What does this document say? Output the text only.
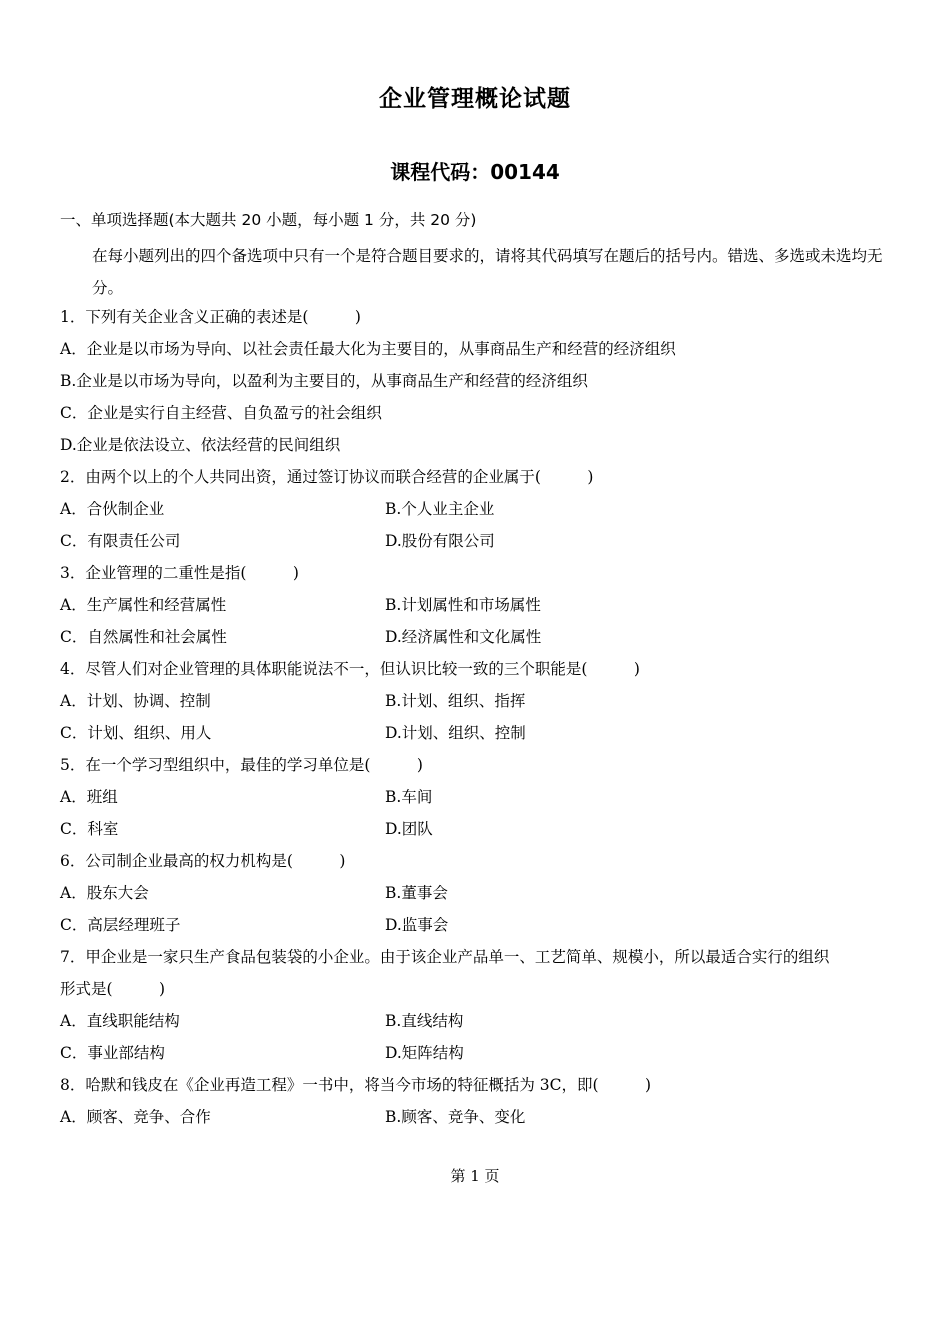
企业管理概论试题
课程代码：00144
一、单项选择题(本大题共 20 小题，每小题 1 分，共 20 分)
在每小题列出的四个备选项中只有一个是符合题目要求的，请将其代码填写在题后的括号内。错选、多选或未选均无分。
1．下列有关企业含义正确的表述是(　　　)
A．企业是以市场为导向、以社会责任最大化为主要目的，从事商品生产和经营的经济组织
B.企业是以市场为导向，以盈利为主要目的，从事商品生产和经营的经济组织
C．企业是实行自主经营、自负盈亏的社会组织
D.企业是依法设立、依法经营的民间组织
2．由两个以上的个人共同出资，通过签订协议而联合经营的企业属于(　　　)
A．合伙制企业	B.个人业主企业
C．有限责任公司	D.股份有限公司
3．企业管理的二重性是指(　　　)
A．生产属性和经营属性	B.计划属性和市场属性
C．自然属性和社会属性	D.经济属性和文化属性
4．尽管人们对企业管理的具体职能说法不一，但认识比较一致的三个职能是(　　　)
A．计划、协调、控制	B.计划、组织、指挥
C．计划、组织、用人	D.计划、组织、控制
5．在一个学习型组织中，最佳的学习单位是(　　　)
A．班组	B.车间
C．科室	D.团队
6．公司制企业最高的权力机构是(　　　)
A．股东大会	B.董事会
C．高层经理班子	D.监事会
7．甲企业是一家只生产食品包装袋的小企业。由于该企业产品单一、工艺简单、规模小，所以最适合实行的组织
形式是(　　　)
A．直线职能结构	B.直线结构
C．事业部结构	D.矩阵结构
8．哈默和钱皮在《企业再造工程》一书中，将当今市场的特征概括为 3C，即(　　　)
A．顾客、竞争、合作	B.顾客、竞争、变化
第 1 页
